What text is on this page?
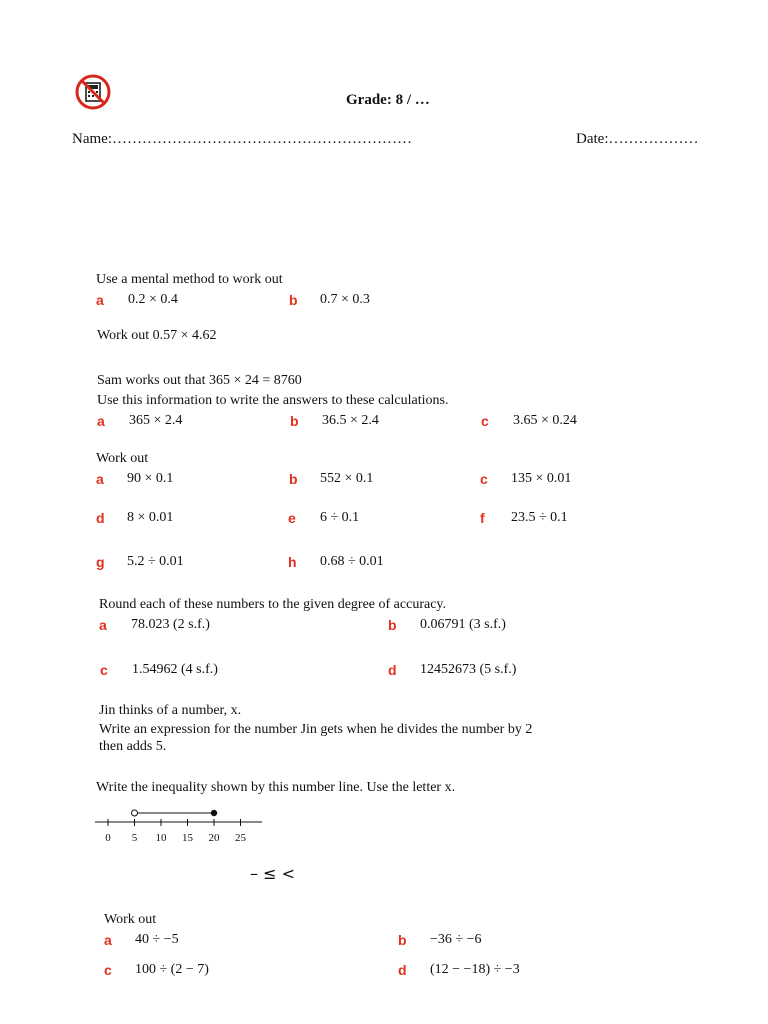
Grade: 8 / …
Name:……………………………………………………	Date:………………
Use a mental method to work out
a 0.2 × 0.4	b 0.7 × 0.3
Work out 0.57 × 4.62
Sam works out that 365 × 24 = 8760
Use this information to write the answers to these calculations.
a 365 × 2.4	b 36.5 × 2.4	c 3.65 × 0.24
Work out
a 90 × 0.1	b 552 × 0.1	c 135 × 0.01
d 8 × 0.01	e 6 ÷ 0.1	f 23.5 ÷ 0.1
g 5.2 ÷ 0.01	h 0.68 ÷ 0.01
Round each of these numbers to the given degree of accuracy.
a 78.023 (2 s.f.)	b 0.06791 (3 s.f.)
c 1.54962 (4 s.f.)	d 12452673 (5 s.f.)
Jin thinks of a number, x.
Write an expression for the number Jin gets when he divides the number by 2
then adds 5.
Write the inequality shown by this number line. Use the letter x.
0 5 10 15 20 25
– ≤ <
Work out
a 40 ÷ −5	b −36 ÷ −6
c 100 ÷ (2 − 7)	d (12 − −18) ÷ −3
